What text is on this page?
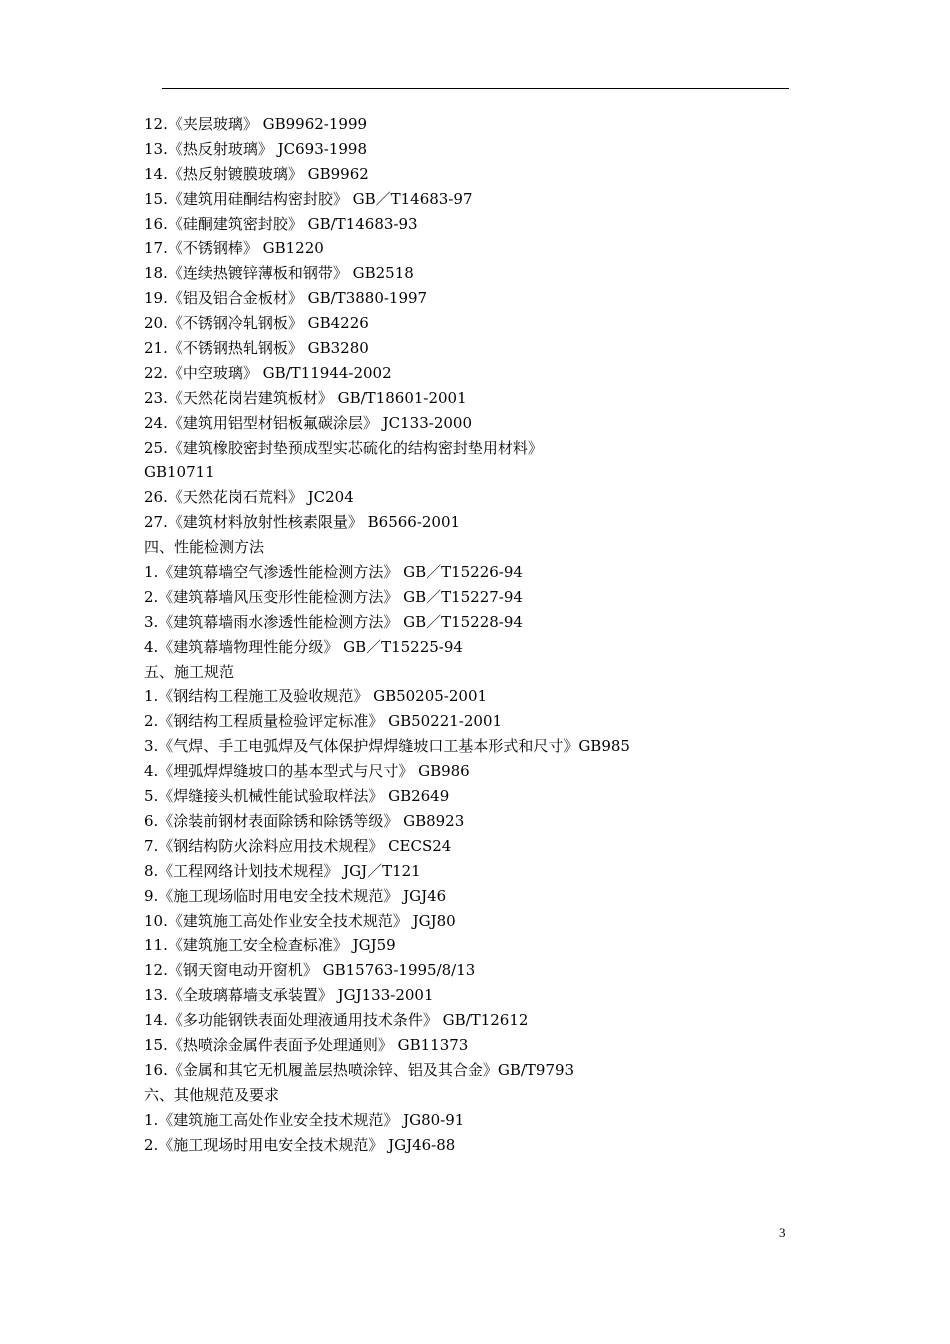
12.《夹层玻璃》 GB9962-1999
13.《热反射玻璃》 JC693-1998
14.《热反射镀膜玻璃》 GB9962
15.《建筑用硅酮结构密封胶》 GB／T14683-97
16.《硅酮建筑密封胶》 GB/T14683-93
17.《不锈钢棒》 GB1220
18.《连续热镀锌薄板和钢带》 GB2518
19.《铝及铝合金板材》 GB/T3880-1997
20.《不锈钢冷轧钢板》 GB4226
21.《不锈钢热轧钢板》 GB3280
22.《中空玻璃》 GB/T11944-2002
23.《天然花岗岩建筑板材》 GB/T18601-2001
24.《建筑用铝型材铝板氟碳涂层》 JC133-2000
25.《建筑橡胶密封垫预成型实芯硫化的结构密封垫用材料》
GB10711
26.《天然花岗石荒料》 JC204
27.《建筑材料放射性核素限量》 B6566-2001
四、性能检测方法
1.《建筑幕墙空气渗透性能检测方法》 GB／T15226-94
2.《建筑幕墙风压变形性能检测方法》 GB／T15227-94
3.《建筑幕墙雨水渗透性能检测方法》 GB／T15228-94
4.《建筑幕墙物理性能分级》 GB／T15225-94
五、施工规范
1.《钢结构工程施工及验收规范》 GB50205-2001
2.《钢结构工程质量检验评定标准》 GB50221-2001
3.《气焊、手工电弧焊及气体保护焊焊缝坡口工基本形式和尺寸》GB985
4.《埋弧焊焊缝坡口的基本型式与尺寸》 GB986
5.《焊缝接头机械性能试验取样法》 GB2649
6.《涂装前钢材表面除锈和除锈等级》 GB8923
7.《钢结构防火涂料应用技术规程》 CECS24
8.《工程网络计划技术规程》 JGJ／T121
9.《施工现场临时用电安全技术规范》 JGJ46
10.《建筑施工高处作业安全技术规范》 JGJ80
11.《建筑施工安全检查标准》 JGJ59
12.《钢天窗电动开窗机》 GB15763-1995/8/13
13.《全玻璃幕墙支承装置》 JGJ133-2001
14.《多功能钢铁表面处理液通用技术条件》 GB/T12612
15.《热喷涂金属件表面予处理通则》 GB11373
16.《金属和其它无机履盖层热喷涂锌、铝及其合金》GB/T9793
六、其他规范及要求
1.《建筑施工高处作业安全技术规范》 JG80-91
2.《施工现场时用电安全技术规范》 JGJ46-88
3
